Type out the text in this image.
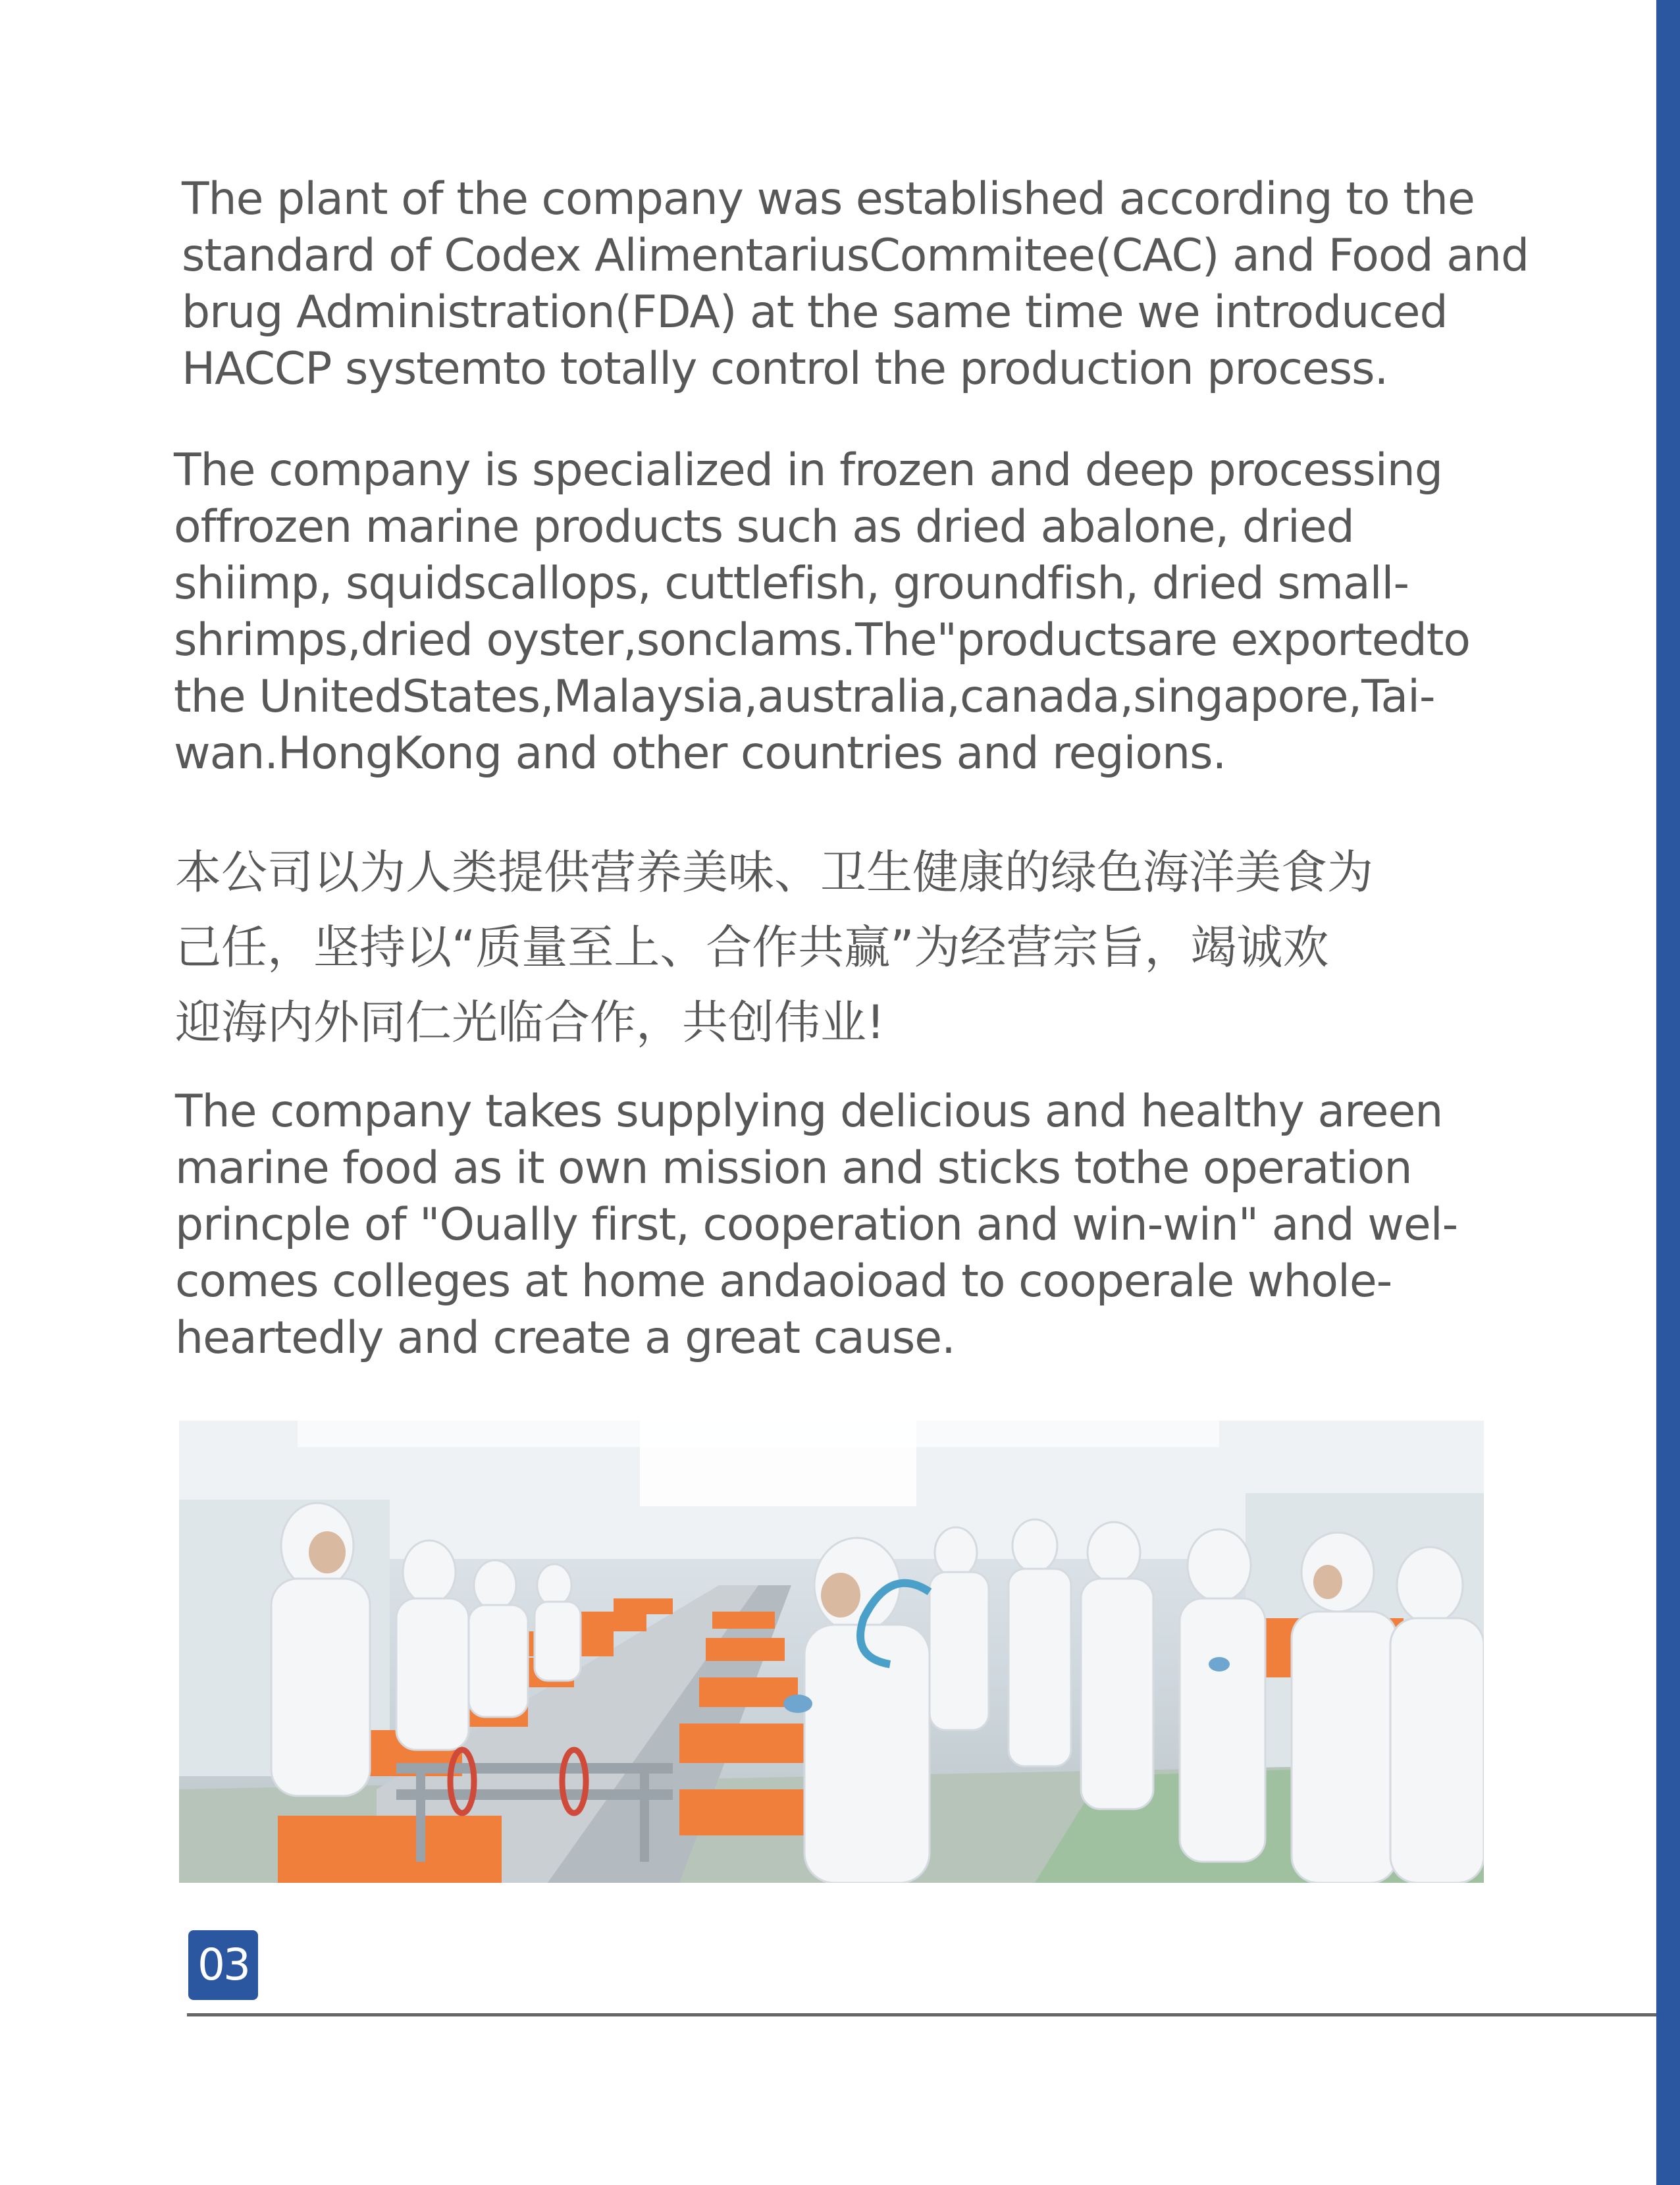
The plant of the company was established according to the
standard of Codex AlimentariusCommitee(CAC) and Food and
brug Administration(FDA) at the same time we introduced
HACCP systemto totally control the production process.

The company is specialized in frozen and deep processing
offrozen marine products such as dried abalone, dried
shiimp, squidscallops, cuttlefish, groundfish, dried small-
shrimps,dried oyster,sonclams.The"productsare exportedto
the UnitedStates,Malaysia,australia,canada,singapore,Tai-
wan.HongKong and other countries and regions.

本公司以为人类提供营养美味、卫生健康的绿色海洋美食为
己任，坚持以“质量至上、合作共赢”为经营宗旨，竭诚欢
迎海内外同仁光临合作，共创伟业!

The company takes supplying delicious and healthy areen
marine food as it own mission and sticks tothe operation
princple of "Oually first, cooperation and win-win" and wel-
comes colleges at home andaoioad to cooperale whole-
heartedly and create a great cause.

03
